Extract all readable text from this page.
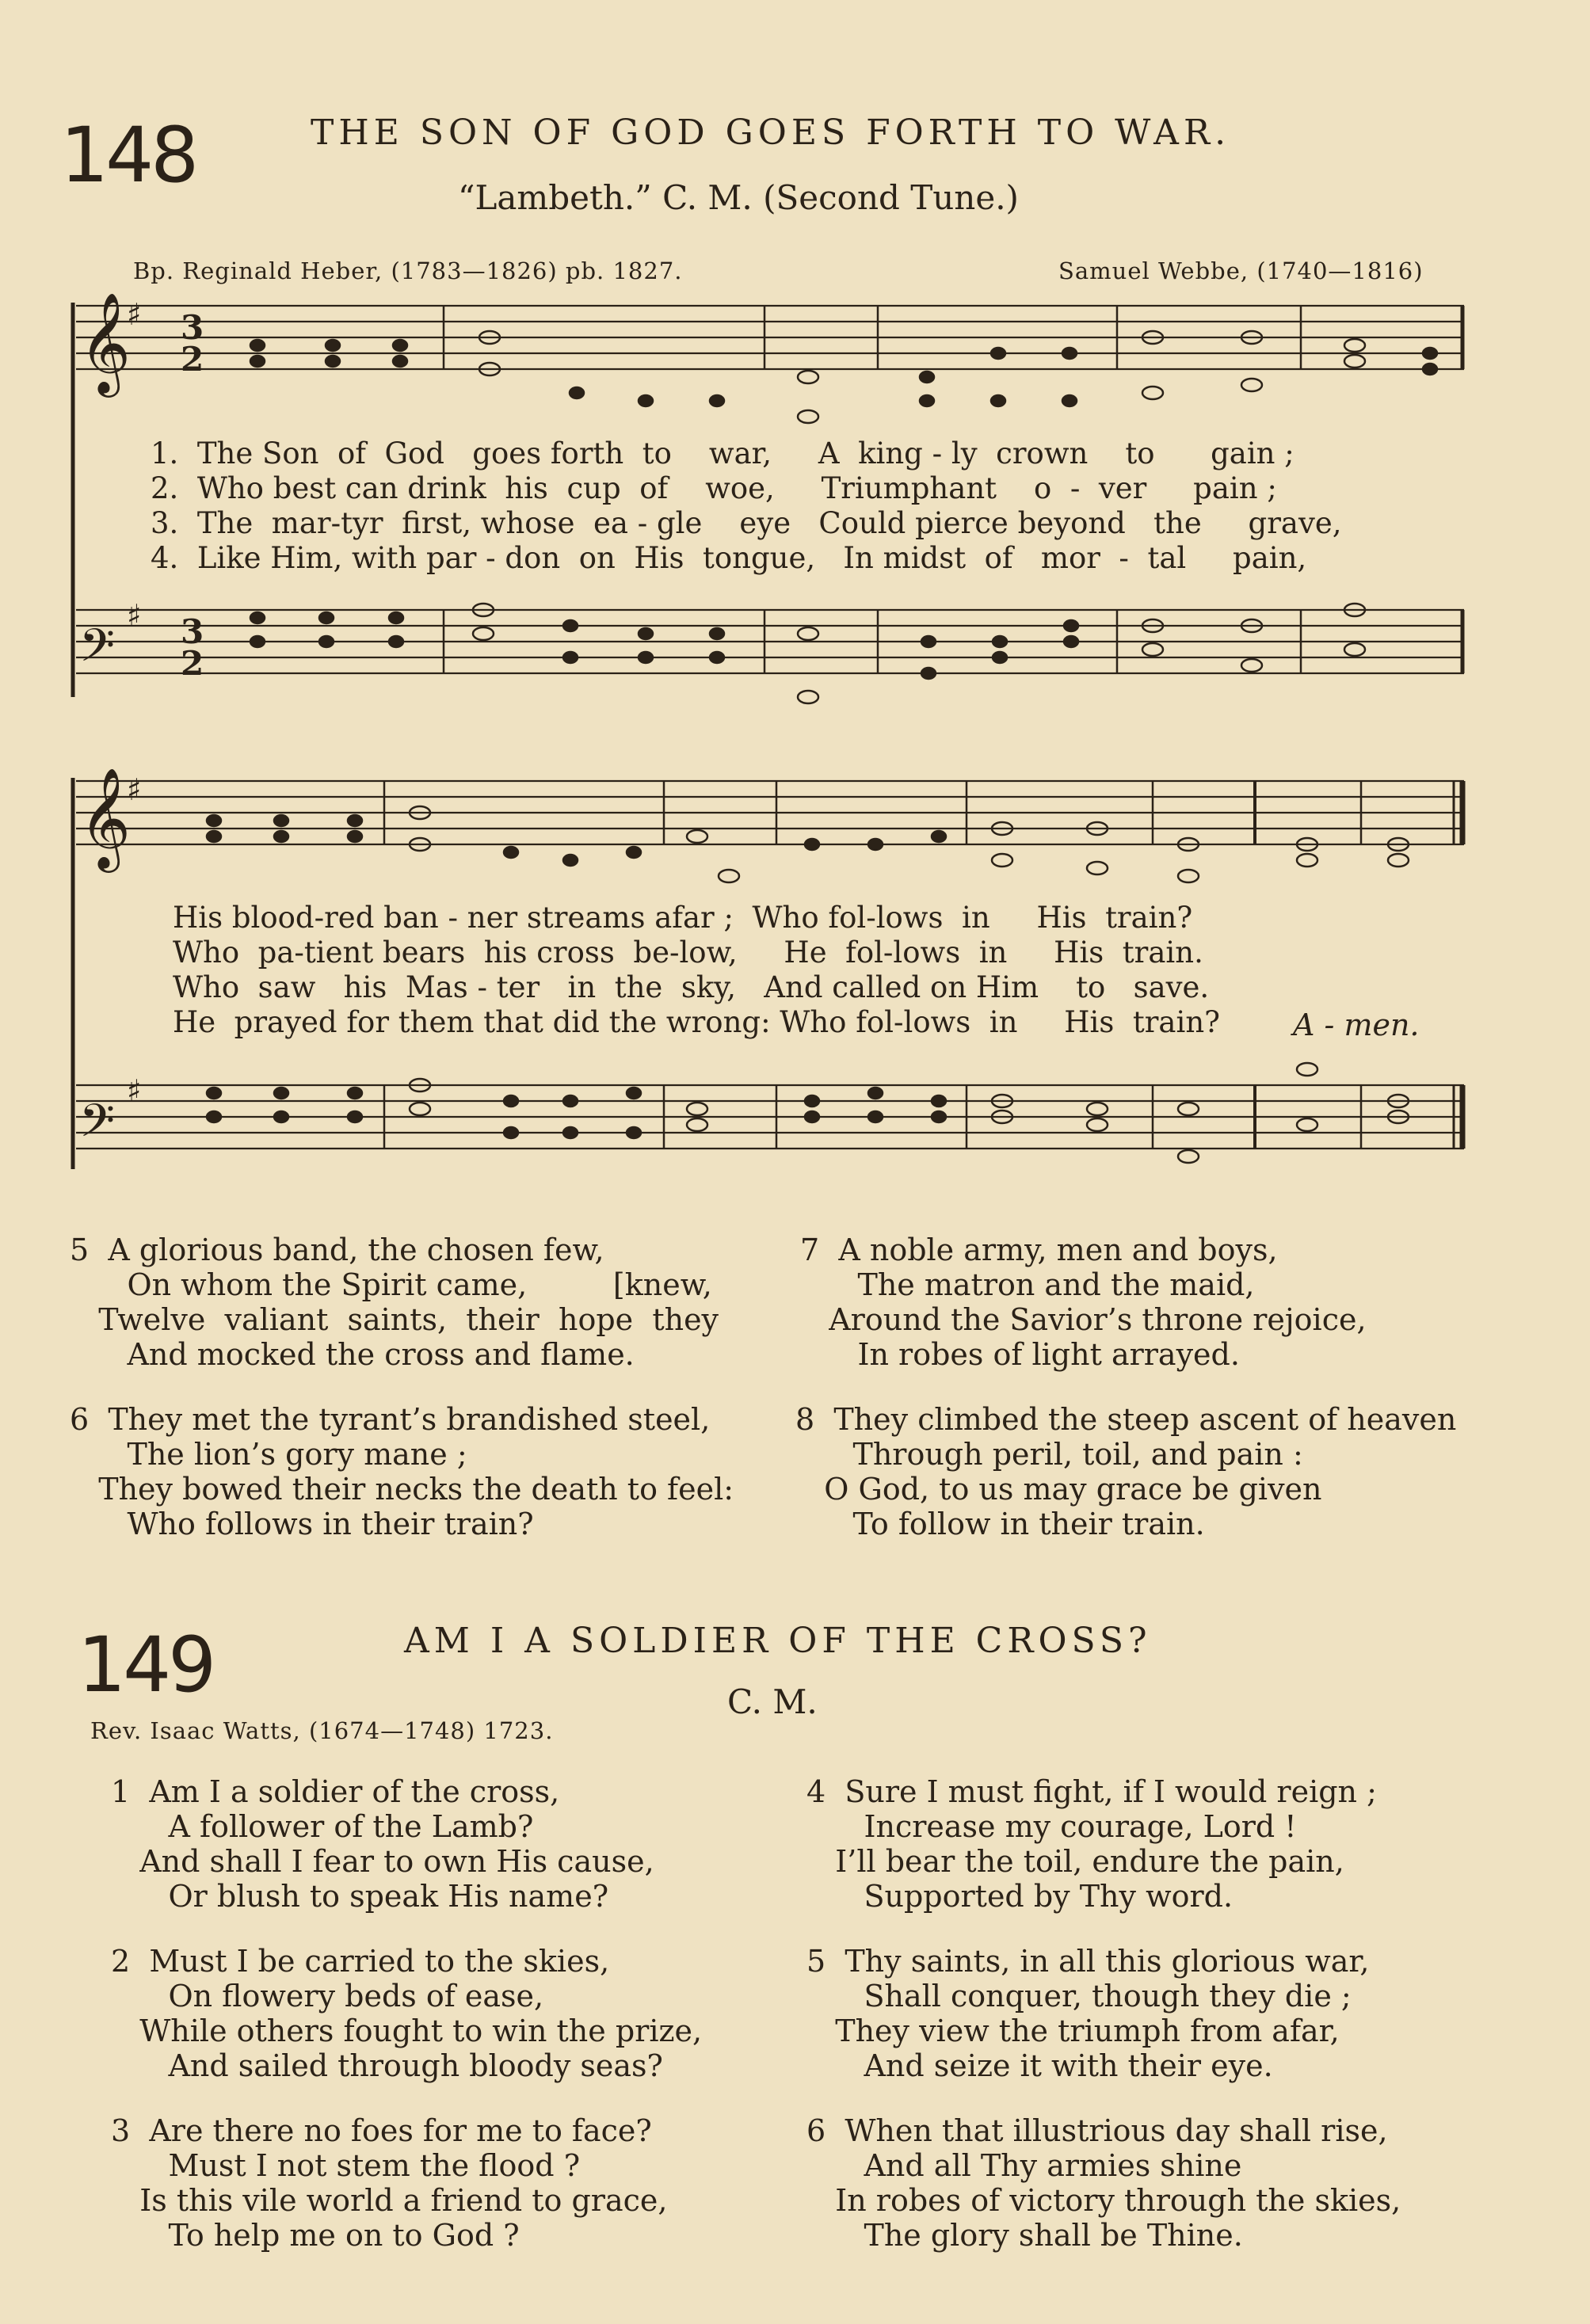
148	THE SON OF GOD GOES FORTH TO WAR.
“Lambeth.” C. M. (Second Tune.)
Bp. Reginald Heber, (1783—1826) pb. 1827.	Samuel Webbe, (1740—1816)
𝄞
𝄞
𝄢
𝄢
♯
♯
♯
♯
3
2
3
2
1.  The Son  of  God   goes forth  to    war,     A  king - ly  crown    to      gain ;
2.  Who best can drink  his  cup  of    woe,     Triumphant    o  -  ver     pain ;
3.  The  mar-tyr  first, whose  ea - gle    eye   Could pierce beyond   the     grave,
4.  Like Him, with par - don  on  His  tongue,   In midst  of   mor  -  tal     pain,
His blood-red ban - ner streams afar ;  Who fol-lows  in     His  train?
Who  pa-tient bears  his cross  be-low,     He  fol-lows  in     His  train.
Who  saw   his  Mas - ter   in  the  sky,   And called on Him    to   save.
He  prayed for them that did the wrong: Who fol-lows  in     His  train? A - men.
5  A glorious band, the chosen few,
On whom the Spirit came,         [knew,
Twelve  valiant  saints,  their  hope  they
And mocked the cross and flame.
6  They met the tyrant’s brandished steel,
The lion’s gory mane ;
They bowed their necks the death to feel:
Who follows in their train?
7  A noble army, men and boys,
The matron and the maid,
Around the Savior’s throne rejoice,
In robes of light arrayed.
8  They climbed the steep ascent of heaven
Through peril, toil, and pain :
O God, to us may grace be given
To follow in their train.
149	AM I A SOLDIER OF THE CROSS?
C. M.
Rev. Isaac Watts, (1674—1748) 1723.
1  Am I a soldier of the cross,
A follower of the Lamb?
And shall I fear to own His cause,
Or blush to speak His name?
2  Must I be carried to the skies,
On flowery beds of ease,
While others fought to win the prize,
And sailed through bloody seas?
3  Are there no foes for me to face?
Must I not stem the flood ?
Is this vile world a friend to grace,
To help me on to God ?
4  Sure I must fight, if I would reign ;
Increase my courage, Lord !
I’ll bear the toil, endure the pain,
Supported by Thy word.
5  Thy saints, in all this glorious war,
Shall conquer, though they die ;
They view the triumph from afar,
And seize it with their eye.
6  When that illustrious day shall rise,
And all Thy armies shine
In robes of victory through the skies,
The glory shall be Thine.
